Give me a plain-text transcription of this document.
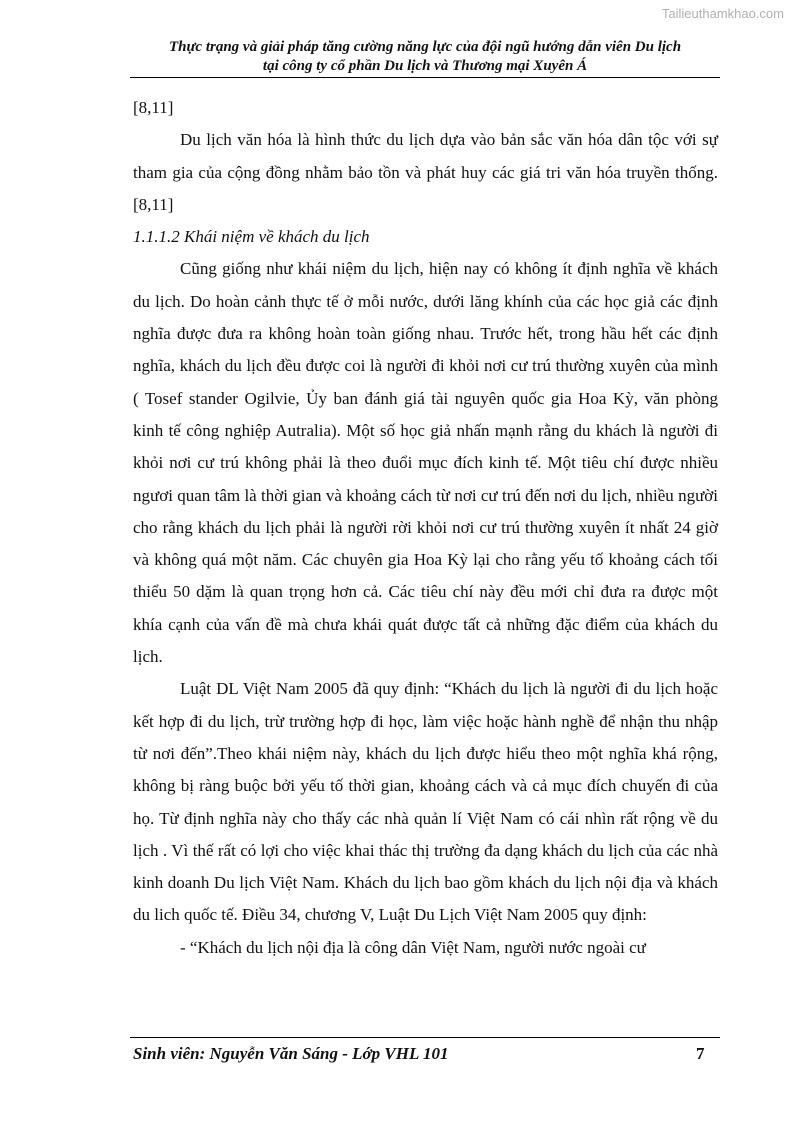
Tailieuthamkhao.com
Thực trạng và giải pháp tăng cường năng lực của đội ngũ hướng dẫn viên Du lịch
tại công ty cổ phần Du lịch và Thương mại Xuyên Á

[8,11]

Du lịch văn hóa là hình thức du lịch dựa vào bản sắc văn hóa dân tộc với sự tham gia của cộng đồng nhằm bảo tồn và phát huy các giá tri văn hóa truyền thống. [8,11]

1.1.1.2 Khái niệm về khách du lịch

Cũng giống như khái niệm du lịch, hiện nay có không ít định nghĩa về khách du lịch. Do hoàn cảnh thực tế ở mỗi nước, dưới lăng khính của các học giả các định nghĩa được đưa ra không hoàn toàn giống nhau. Trước hết, trong hầu hết các định nghĩa, khách du lịch đều được coi là người đi khỏi nơi cư trú thường xuyên của mình ( Tosef stander Ogilvie, Ủy ban đánh giá tài nguyên quốc gia Hoa Kỳ, văn phòng kinh tế công nghiệp Autralia). Một số học giả nhấn mạnh rằng du khách là người đi khỏi nơi cư trú không phải là theo đuổi mục đích kinh tế. Một tiêu chí được nhiều ngươi quan tâm là thời gian và khoảng cách từ nơi cư trú đến nơi du lịch, nhiều người cho rằng khách du lịch phải là người rời khỏi nơi cư trú thường xuyên ít nhất 24 giờ và không quá một năm. Các chuyên gia Hoa Kỳ lại cho rằng yếu tố khoảng cách tối thiểu 50 dặm là quan trọng hơn cả. Các tiêu chí này đều mới chỉ đưa ra được một khía cạnh của vấn đề mà chưa khái quát được tất cả những đặc điểm của khách du lịch.

Luật DL Việt Nam 2005 đã quy định: “Khách du lịch là người đi du lịch hoặc kết hợp đi du lịch, trừ trường hợp đi học, làm việc hoặc hành nghề để nhận thu nhập từ nơi đến”.Theo khái niệm này, khách du lịch được hiểu theo một nghĩa khá rộng, không bị ràng buộc bởi yếu tố thời gian, khoảng cách và cả mục đích chuyến đi của họ. Từ định nghĩa này cho thấy các nhà quản lí Việt Nam có cái nhìn rất rộng về du lịch . Vì thế rất có lợi cho việc khai thác thị trường đa dạng khách du lịch của các nhà kinh doanh Du lịch Việt Nam. Khách du lịch bao gồm khách du lịch nội địa và khách du lich quốc tế. Điều 34, chương V, Luật Du Lịch Việt Nam 2005 quy định:

- “Khách du lịch nội địa là công dân Việt Nam, người nước ngoài cư

Sinh viên: Nguyễn Văn Sáng - Lớp VHL 101	7
